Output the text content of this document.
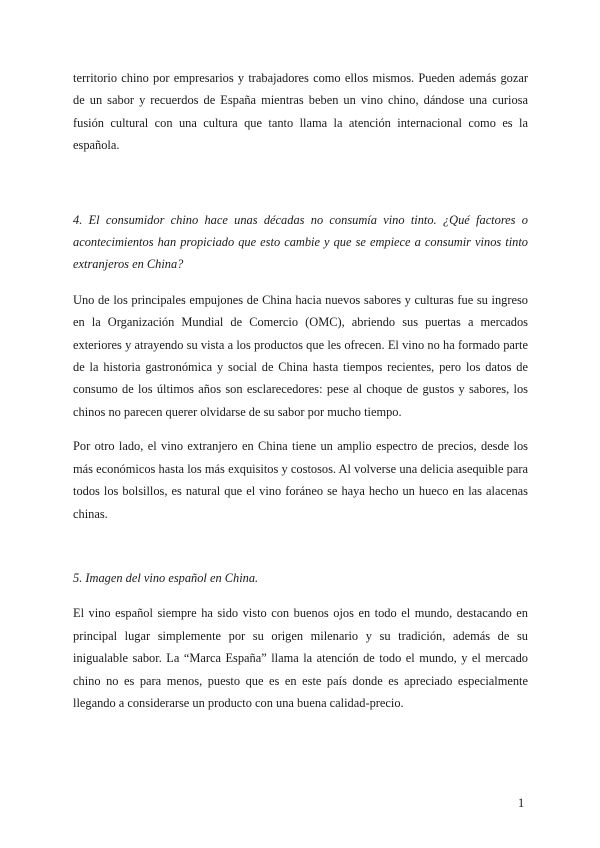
territorio chino por empresarios y trabajadores como ellos mismos. Pueden además gozar de un sabor y recuerdos de España mientras beben un vino chino, dándose una curiosa fusión cultural con una cultura que tanto llama la atención internacional como es la española.

4. El consumidor chino hace unas décadas no consumía vino tinto. ¿Qué factores o acontecimientos han propiciado que esto cambie y que se empiece a consumir vinos tinto extranjeros en China?

Uno de los principales empujones de China hacia nuevos sabores y culturas fue su ingreso en la Organización Mundial de Comercio (OMC), abriendo sus puertas a mercados exteriores y atrayendo su vista a los productos que les ofrecen. El vino no ha formado parte de la historia gastronómica y social de China hasta tiempos recientes, pero los datos de consumo de los últimos años son esclarecedores: pese al choque de gustos y sabores, los chinos no parecen querer olvidarse de su sabor por mucho tiempo.

Por otro lado, el vino extranjero en China tiene un amplio espectro de precios, desde los más económicos hasta los más exquisitos y costosos. Al volverse una delicia asequible para todos los bolsillos, es natural que el vino foráneo se haya hecho un hueco en las alacenas chinas.

5. Imagen del vino español en China.

El vino español siempre ha sido visto con buenos ojos en todo el mundo, destacando en principal lugar simplemente por su origen milenario y su tradición, además de su inigualable sabor. La “Marca España” llama la atención de todo el mundo, y el mercado chino no es para menos, puesto que es en este país donde es apreciado especialmente llegando a considerarse un producto con una buena calidad-precio.

1
